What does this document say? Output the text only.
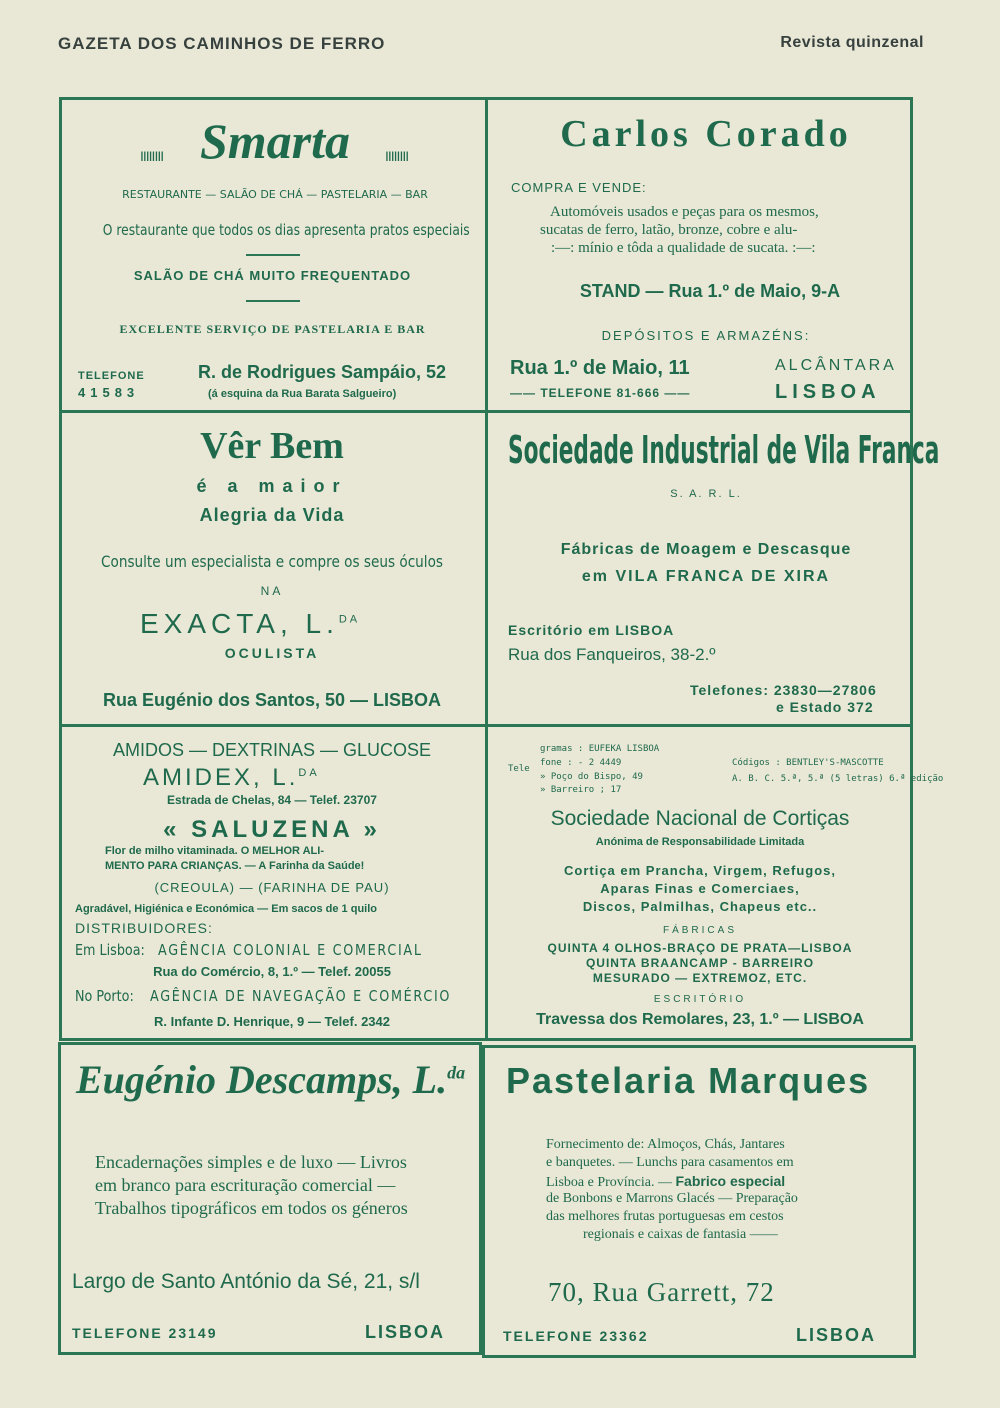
GAZETA DOS CAMINHOS DE FERRO	Revista quinzenal
IIIIIIII	IIIIIIII
Smarta
RESTAURANTE — SALÃO DE CHÁ — PASTELARIA — BAR
O restaurante que todos os dias apresenta pratos especiais
SALÃO DE CHÁ MUITO FREQUENTADO
EXCELENTE SERVIÇO DE PASTELARIA E BAR
TELEFONE
41583
R. de Rodrigues Sampáio, 52
(á esquina da Rua Barata Salgueiro)
Carlos Corado
COMPRA E VENDE:
Automóveis usados e peças para os mesmos,
sucatas de ferro, latão, bronze, cobre e alu-
:—: mínio e tôda a qualidade de sucata. :—:
STAND — Rua 1.º de Maio, 9-A
DEPÓSITOS E ARMAZÉNS:
Rua 1.º de Maio, 11
—— TELEFONE 81-666 ——
ALCÂNTARA
LISBOA
Vêr Bem
é a maior
Alegria da Vida
Consulte um especialista e compre os seus óculos
NA
EXACTA, L.$^{DA}$
OCULISTA
Rua Eugénio dos Santos, 50 — LISBOA
Sociedade Industrial de Vila Franca
S. A. R. L.
Fábricas de Moagem e Descasque
em VILA FRANCA DE XIRA
Escritório em LISBOA
Rua dos Fanqueiros, 38-2.º
Telefones: 23830—27806
e Estado 372
AMIDOS — DEXTRINAS — GLUCOSE
AMIDEX, L.$^{DA}$
Estrada de Chelas, 84 — Telef. 23707
« SALUZENA »
Flor de milho vitaminada. O MELHOR ALI-
MENTO PARA CRIANÇAS. — A Farinha da Saúde!
(CREOULA) — (FARINHA DE PAU)
Agradável, Higiénica e Económica — Em sacos de 1 quilo
DISTRIBUIDORES:
Em Lisboa: AGÊNCIA COLONIAL E COMERCIAL
Rua do Comércio, 8, 1.º — Telef. 20055
No Porto: AGÊNCIA DE NAVEGAÇÃO E COMÉRCIO
R. Infante D. Henrique, 9 — Telef. 2342
Tele
gramas : EUFEKA LISBOA
fone : - 2 4449
» Poço do Bispo, 49
» Barreiro ; 17
Códigos : BENTLEY'S-MASCOTTE
A. B. C. 5.ª, 5.ª (5 letras) 6.ª edição
Sociedade Nacional de Cortiças
Anónima de Responsabilidade Limitada
Cortiça em Prancha, Virgem, Refugos,
Aparas Finas e Comerciaes,
Discos, Palmilhas, Chapeus etc..
FÁBRICAS
QUINTA 4 OLHOS-BRAÇO DE PRATA—LISBOA
QUINTA BRAANCAMP - BARREIRO
MESURADO — EXTREMOZ, ETC.
ESCRITÓRIO
Travessa dos Remolares, 23, 1.º — LISBOA
Eugénio Descamps, L.$^{da}$
Encadernações simples e de luxo — Livros
em branco para escrituração comercial —
Trabalhos tipográficos em todos os géneros
Largo de Santo António da Sé, 21, s/l
TELEFONE 23149	LISBOA
Pastelaria Marques
Fornecimento de: Almoços, Chás, Jantares
e banquetes. — Lunchs para casamentos em
Lisboa e Província. — Fabrico especial
de Bonbons e Marrons Glacés — Preparação
das melhores frutas portuguesas em cestos
regionais e caixas de fantasia ——
70, Rua Garrett, 72
TELEFONE 23362	LISBOA
